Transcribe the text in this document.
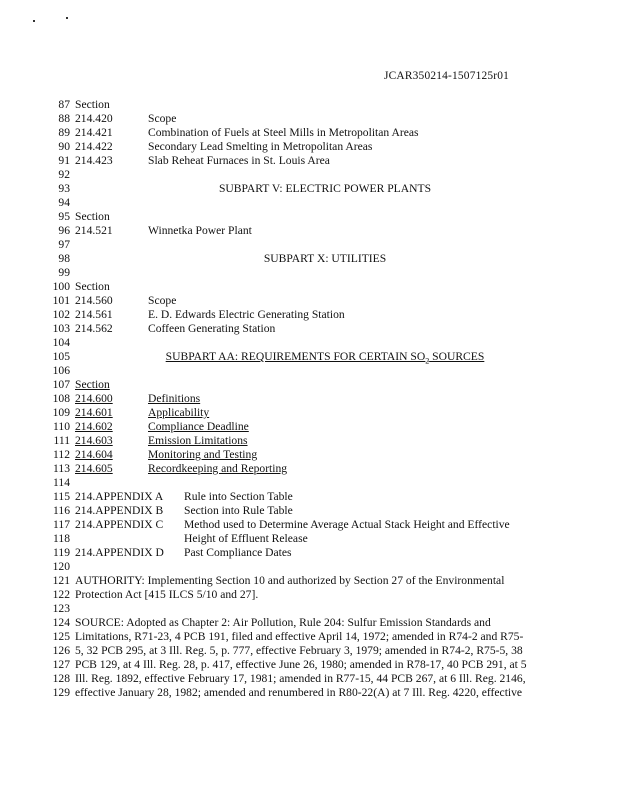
JCAR350214-1507125r01
87 Section
88 214.420	Scope
89 214.421	Combination of Fuels at Steel Mills in Metropolitan Areas
90 214.422	Secondary Lead Smelting in Metropolitan Areas
91 214.423	Slab Reheat Furnaces in St. Louis Area
92
93	SUBPART V: ELECTRIC POWER PLANTS
94
95 Section
96 214.521	Winnetka Power Plant
97
98	SUBPART X: UTILITIES
99
100 Section
101 214.560	Scope
102 214.561	E. D. Edwards Electric Generating Station
103 214.562	Coffeen Generating Station
104
105	SUBPART AA: REQUIREMENTS FOR CERTAIN $SO_2$ SOURCES
106
107 Section
108 214.600	Definitions
109 214.601	Applicability
110 214.602	Compliance Deadline
111 214.603	Emission Limitations
112 214.604	Monitoring and Testing
113 214.605	Recordkeeping and Reporting
114
115 214.APPENDIX A Rule into Section Table
116 214.APPENDIX B Section into Rule Table
117 214.APPENDIX C Method used to Determine Average Actual Stack Height and Effective
118	Height of Effluent Release
119 214.APPENDIX D Past Compliance Dates
120
121 AUTHORITY: Implementing Section 10 and authorized by Section 27 of the Environmental
122 Protection Act [415 ILCS 5/10 and 27].
123
124 SOURCE: Adopted as Chapter 2: Air Pollution, Rule 204: Sulfur Emission Standards and
125 Limitations, R71-23, 4 PCB 191, filed and effective April 14, 1972; amended in R74-2 and R75-
126 5, 32 PCB 295, at 3 Ill. Reg. 5, p. 777, effective February 3, 1979; amended in R74-2, R75-5, 38
127 PCB 129, at 4 Ill. Reg. 28, p. 417, effective June 26, 1980; amended in R78-17, 40 PCB 291, at 5
128 Ill. Reg. 1892, effective February 17, 1981; amended in R77-15, 44 PCB 267, at 6 Ill. Reg. 2146,
129 effective January 28, 1982; amended and renumbered in R80-22(A) at 7 Ill. Reg. 4220, effective
